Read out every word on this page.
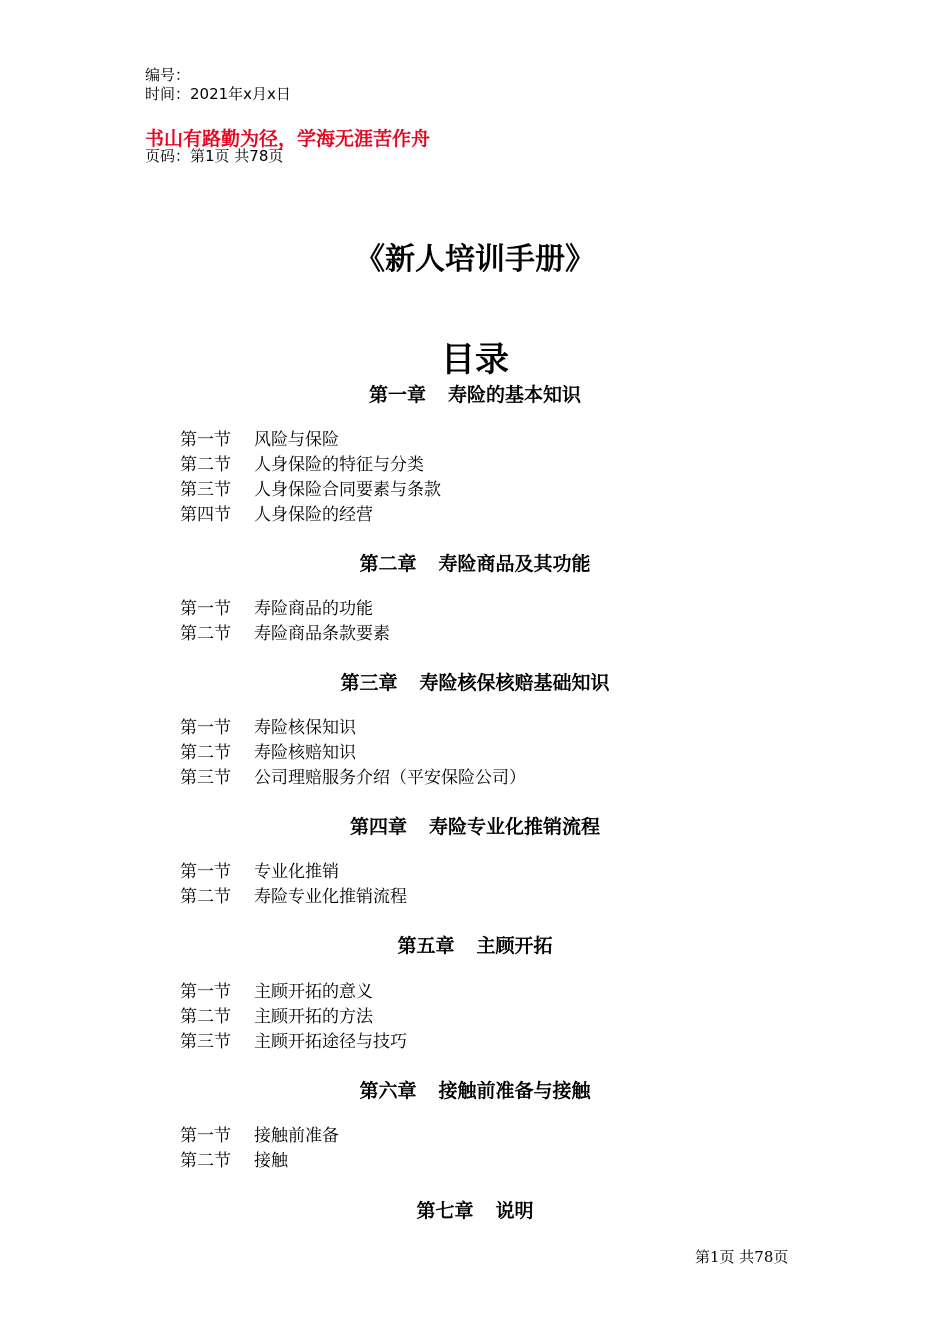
编号：
时间：2021年x月x日
书山有路勤为径，学海无涯苦作舟
页码：第1页 共78页
《新人培训手册》
目录
第一章 寿险的基本知识
第一节 风险与保险
第二节 人身保险的特征与分类
第三节 人身保险合同要素与条款
第四节 人身保险的经营
第二章 寿险商品及其功能
第一节 寿险商品的功能
第二节 寿险商品条款要素
第三章 寿险核保核赔基础知识
第一节 寿险核保知识
第二节 寿险核赔知识
第三节 公司理赔服务介绍（平安保险公司）
第四章 寿险专业化推销流程
第一节 专业化推销
第二节 寿险专业化推销流程
第五章 主顾开拓
第一节 主顾开拓的意义
第二节 主顾开拓的方法
第三节 主顾开拓途径与技巧
第六章 接触前准备与接触
第一节 接触前准备
第二节 接触
第七章 说明
第1页 共78页
